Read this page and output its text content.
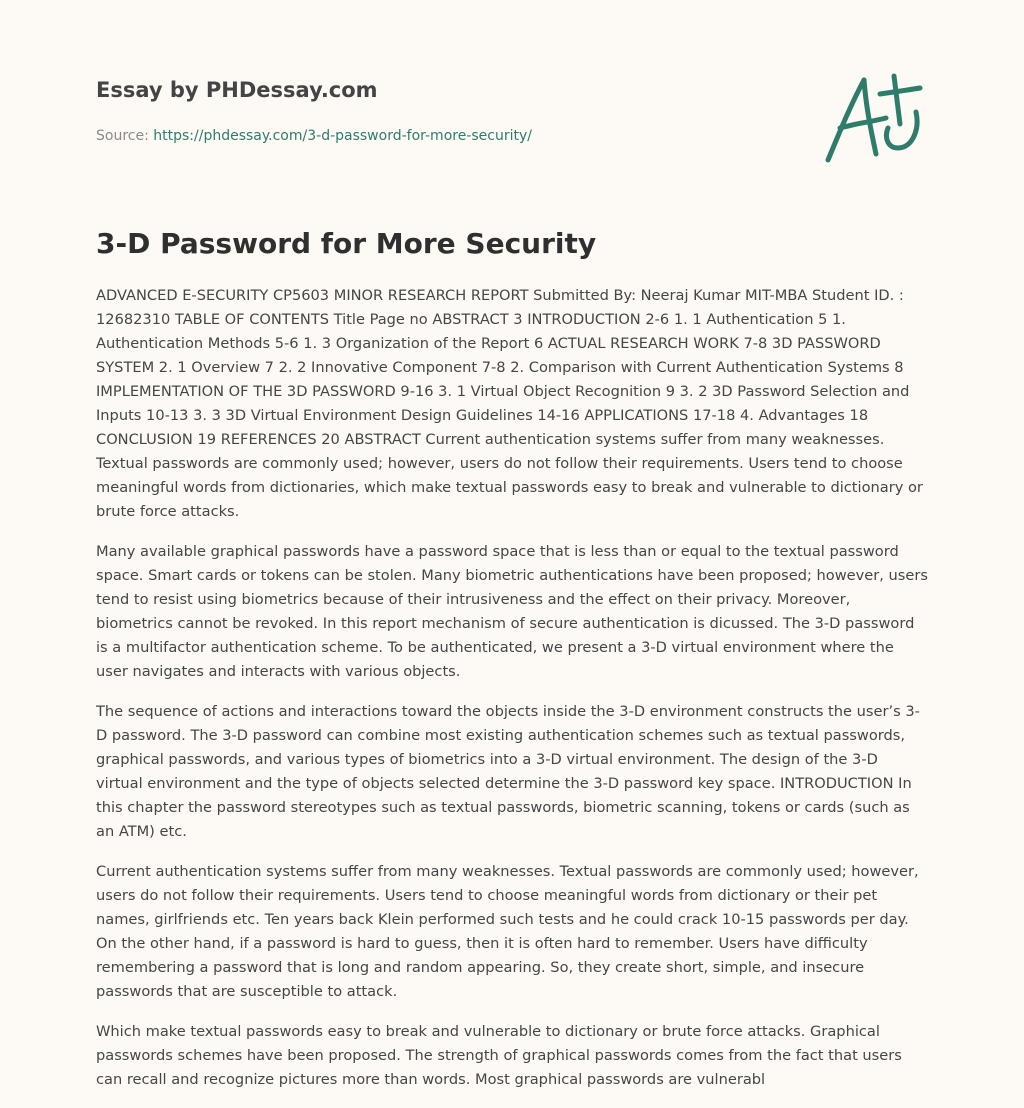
Essay by PHDessay.com
Source: https://phdessay.com/3-d-password-for-more-security/
3-D Password for More Security

ADVANCED E-SECURITY CP5603 MINOR RESEARCH REPORT Submitted By: Neeraj Kumar MIT-MBA Student ID. : 12682310 TABLE OF CONTENTS Title Page no ABSTRACT 3 INTRODUCTION 2-6 1. 1 Authentication 5 1. Authentication Methods 5-6 1. 3 Organization of the Report 6 ACTUAL RESEARCH WORK 7-8 3D PASSWORD SYSTEM 2. 1 Overview 7 2. 2 Innovative Component 7-8 2. Comparison with Current Authentication Systems 8 IMPLEMENTATION OF THE 3D PASSWORD 9-16 3. 1 Virtual Object Recognition 9 3. 2 3D Password Selection and Inputs 10-13 3. 3 3D Virtual Environment Design Guidelines 14-16 APPLICATIONS 17-18 4. Advantages 18 CONCLUSION 19 REFERENCES 20 ABSTRACT Current authentication systems suffer from many weaknesses. Textual passwords are commonly used; however, users do not follow their requirements. Users tend to choose meaningful words from dictionaries, which make textual passwords easy to break and vulnerable to dictionary or brute force attacks.

Many available graphical passwords have a password space that is less than or equal to the textual password space. Smart cards or tokens can be stolen. Many biometric authentications have been proposed; however, users tend to resist using biometrics because of their intrusiveness and the effect on their privacy. Moreover, biometrics cannot be revoked. In this report mechanism of secure authentication is dicussed. The 3-D password is a multifactor authentication scheme. To be authenticated, we present a 3-D virtual environment where the user navigates and interacts with various objects.

The sequence of actions and interactions toward the objects inside the 3-D environment constructs the user’s 3-D password. The 3-D password can combine most existing authentication schemes such as textual passwords, graphical passwords, and various types of biometrics into a 3-D virtual environment. The design of the 3-D virtual environment and the type of objects selected determine the 3-D password key space. INTRODUCTION In this chapter the password stereotypes such as textual passwords, biometric scanning, tokens or cards (such as an ATM) etc.

Current authentication systems suffer from many weaknesses. Textual passwords are commonly used; however, users do not follow their requirements. Users tend to choose meaningful words from dictionary or their pet names, girlfriends etc. Ten years back Klein performed such tests and he could crack 10-15 passwords per day. On the other hand, if a password is hard to guess, then it is often hard to remember. Users have difficulty remembering a password that is long and random appearing. So, they create short, simple, and insecure passwords that are susceptible to attack.

Which make textual passwords easy to break and vulnerable to dictionary or brute force attacks. Graphical passwords schemes have been proposed. The strength of graphical passwords comes from the fact that users can recall and recognize pictures more than words. Most graphical passwords are vulnerabl
